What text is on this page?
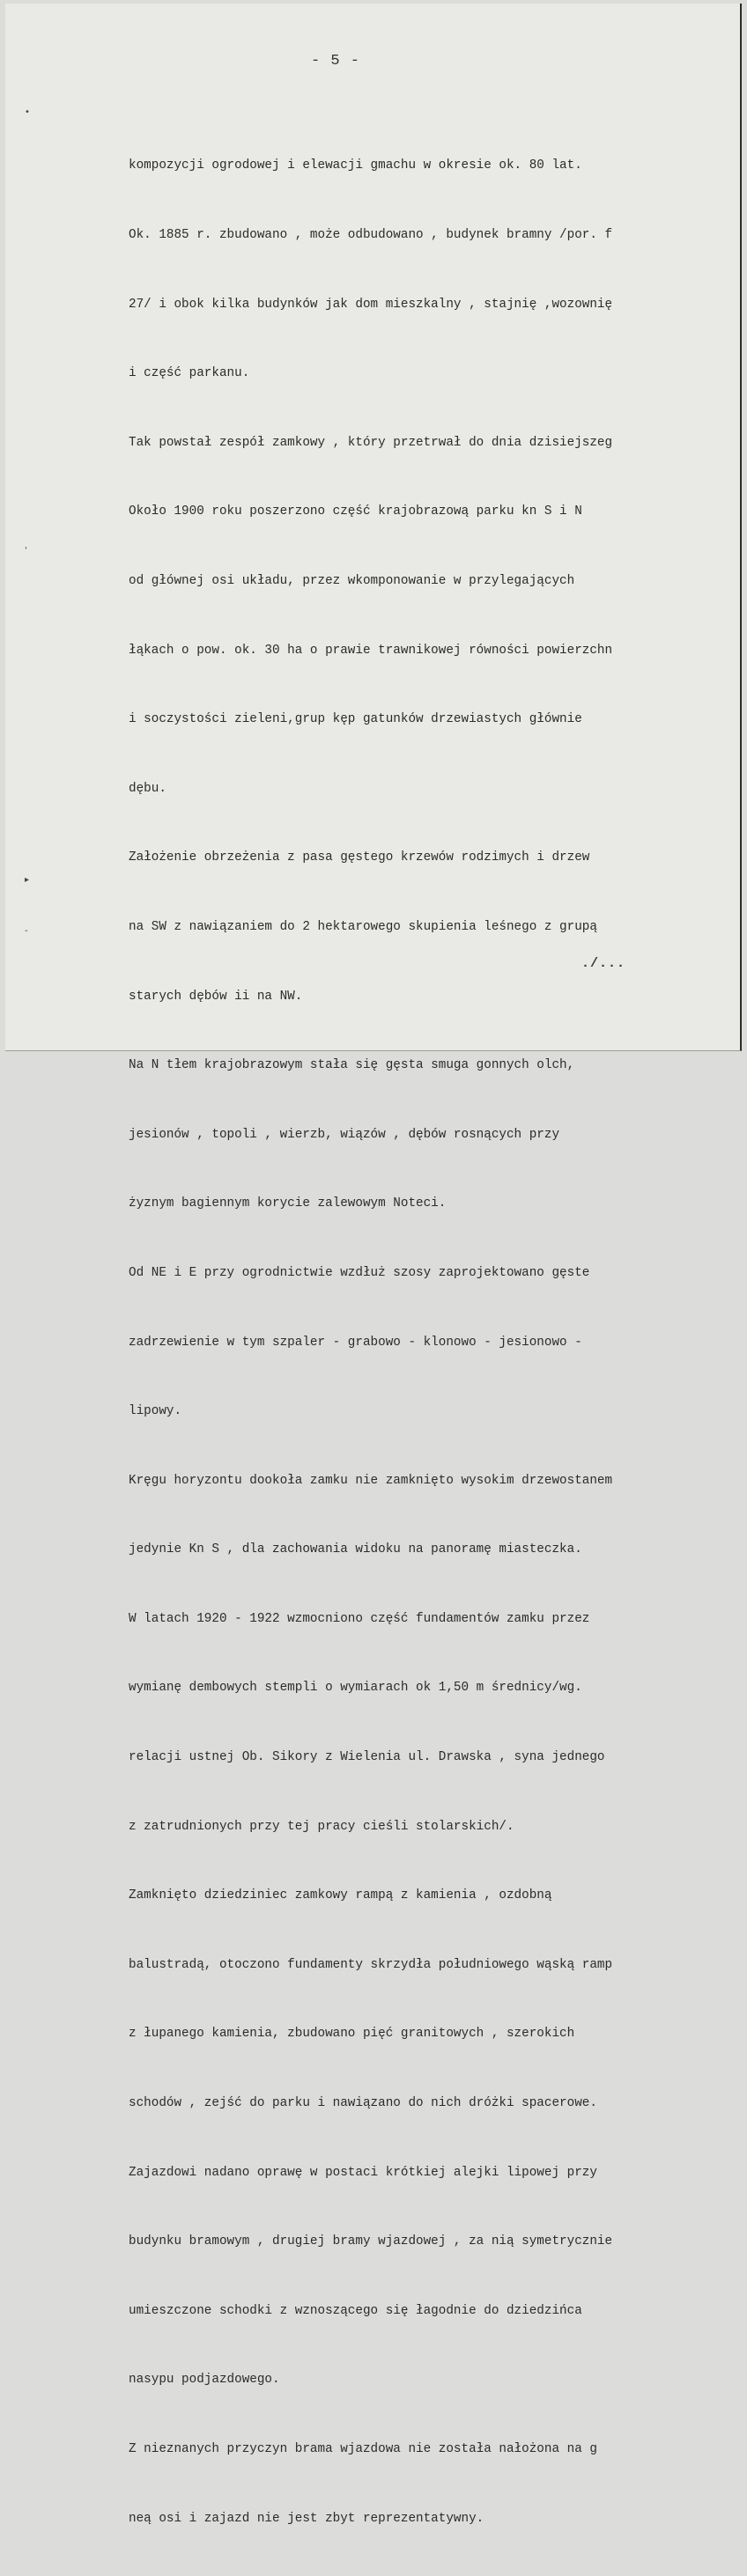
- 5 -
•
'
▸
-

kompozycji ogrodowej i elewacji gmachu w okresie ok. 80 lat.

Ok. 1885 r. zbudowano , może odbudowano , budynek bramny /por. f

27/ i obok kilka budynków jak dom mieszkalny , stajnię ,wozownię

i część parkanu.

Tak powstał zespół zamkowy , który przetrwał do dnia dzisiejszeg

Około 1900 roku poszerzono część krajobrazową parku kn S i N

od głównej osi układu, przez wkomponowanie w przylegających

łąkach o pow. ok. 30 ha o prawie trawnikowej równości powierzchn

i soczystości zieleni,grup kęp gatunków drzewiastych głównie

dębu.

Założenie obrzeżenia z pasa gęstego krzewów rodzimych i drzew

na SW z nawiązaniem do 2 hektarowego skupienia leśnego z grupą

starych dębów ii na NW.

Na N tłem krajobrazowym stała się gęsta smuga gonnych olch,

jesionów , topoli , wierzb, wiązów , dębów rosnących przy

żyznym bagiennym korycie zalewowym Noteci.

Od NE i E przy ogrodnictwie wzdłuż szosy zaprojektowano gęste

zadrzewienie w tym szpaler - grabowo - klonowo - jesionowo -

lipowy.

Kręgu horyzontu dookoła zamku nie zamknięto wysokim drzewostanem

jedynie Kn S , dla zachowania widoku na panoramę miasteczka.

W latach 1920 - 1922 wzmocniono część fundamentów zamku przez

wymianę dembowych stempli o wymiarach ok 1,50 m średnicy/wg.

relacji ustnej Ob. Sikory z Wielenia ul. Drawska , syna jednego

z zatrudnionych przy tej pracy cieśli stolarskich/.

Zamknięto dziedziniec zamkowy rampą z kamienia , ozdobną

balustradą, otoczono fundamenty skrzydła południowego wąską ramp

z łupanego kamienia, zbudowano pięć granitowych , szerokich

schodów , zejść do parku i nawiązano do nich dróżki spacerowe.

Zajazdowi nadano oprawę w postaci krótkiej alejki lipowej przy

budynku bramowym , drugiej bramy wjazdowej , za nią symetrycznie

umieszczone schodki z wznoszącego się łagodnie do dziedzińca

nasypu podjazdowego.

Z nieznanych przyczyn brama wjazdowa nie została nałożona na g

neą osi i zajazd nie jest zbyt reprezentatywny.

./...
